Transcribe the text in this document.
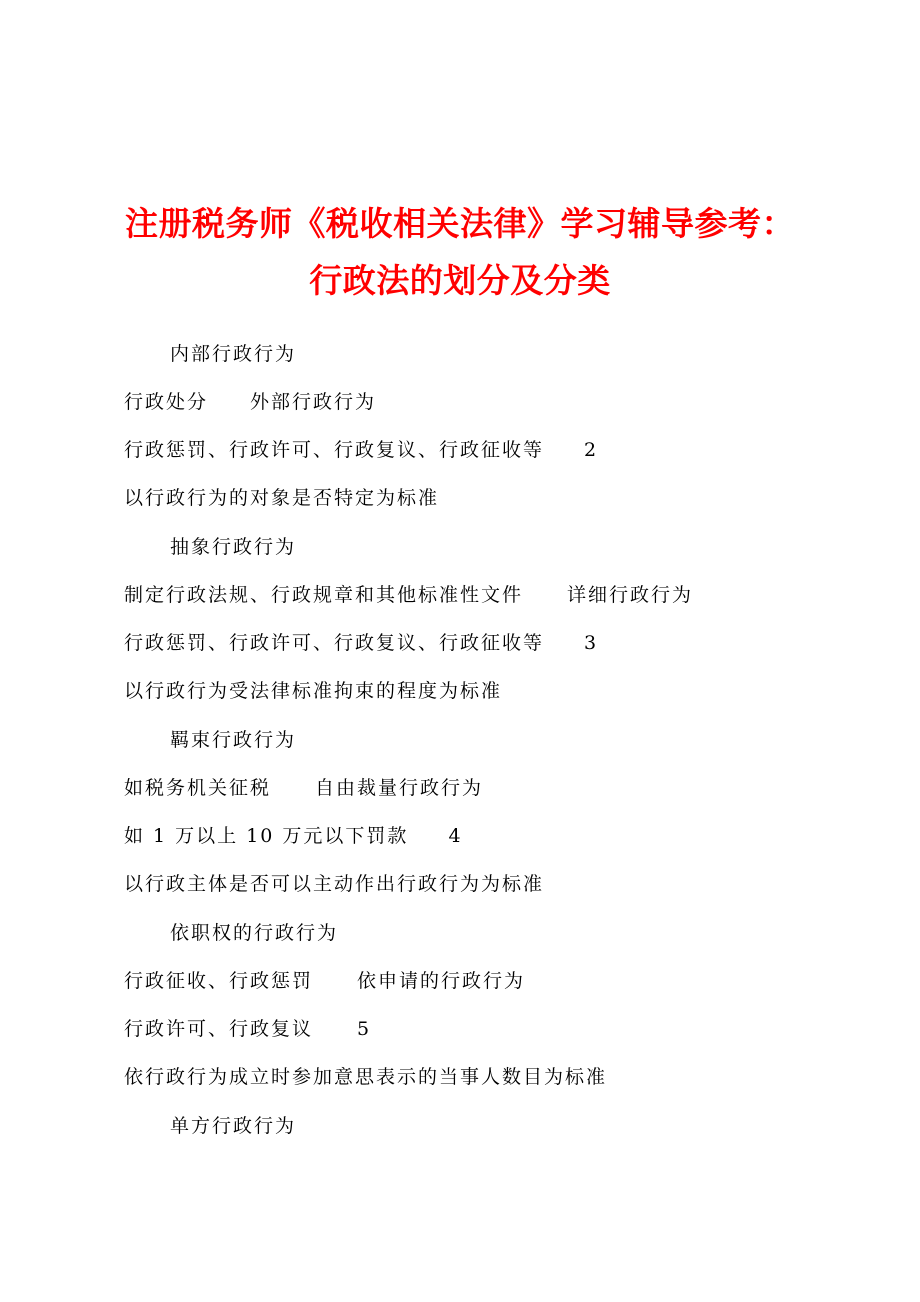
注册税务师《税收相关法律》学习辅导参考：
行政法的划分及分类
内部行政行为
行政处分 外部行政行为
行政惩罚、行政许可、行政复议、行政征收等 2
以行政行为的对象是否特定为标准
抽象行政行为
制定行政法规、行政规章和其他标准性文件 详细行政行为
行政惩罚、行政许可、行政复议、行政征收等 3
以行政行为受法律标准拘束的程度为标准
羁束行政行为
如税务机关征税 自由裁量行政行为
如 1 万以上 10 万元以下罚款 4
以行政主体是否可以主动作出行政行为为标准
依职权的行政行为
行政征收、行政惩罚 依申请的行政行为
行政许可、行政复议 5
依行政行为成立时参加意思表示的当事人数目为标准
单方行政行为
